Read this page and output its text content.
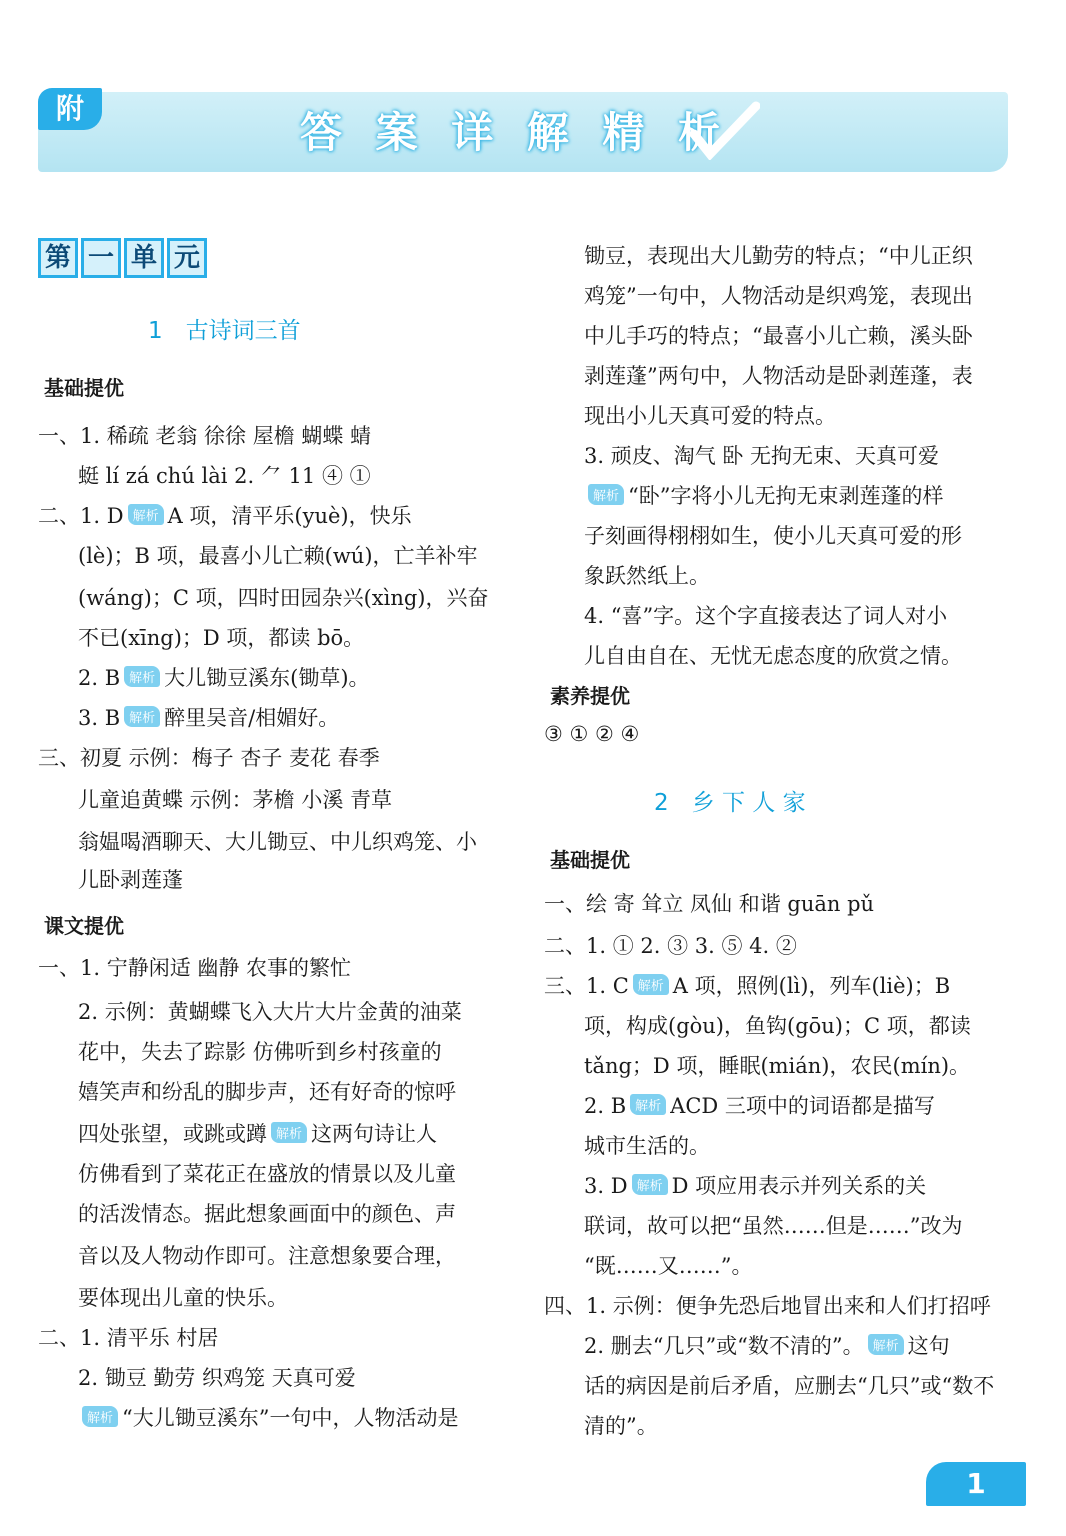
附	答 案 详 解 精 析
第 一 单 元
1　古诗词三首
基础提优
一、1. 稀疏 老翁 徐徐 屋檐 蝴蝶 蜻
蜓 lí zá chú lài 2. ⺈ 11 ④ ①
二、1. D 解析 A 项，清平乐(yuè)，快乐
(lè)；B 项，最喜小儿亡赖(wú)，亡羊补牢
(wáng)；C 项，四时田园杂兴(xìng)，兴奋
不已(xīng)；D 项，都读 bō。
2. B 解析 大儿锄豆溪东(锄草)。
3. B 解析 醉里吴音/相媚好。
三、初夏 示例：梅子 杏子 麦花 春季
儿童追黄蝶 示例：茅檐 小溪 青草
翁媪喝酒聊天、大儿锄豆、中儿织鸡笼、小
儿卧剥莲蓬
课文提优
一、1. 宁静闲适 幽静 农事的繁忙
2. 示例：黄蝴蝶飞入大片大片金黄的油菜
花中，失去了踪影 仿佛听到乡村孩童的
嬉笑声和纷乱的脚步声，还有好奇的惊呼
四处张望，或跳或蹲 解析 这两句诗让人
仿佛看到了菜花正在盛放的情景以及儿童
的活泼情态。据此想象画面中的颜色、声
音以及人物动作即可。注意想象要合理，
要体现出儿童的快乐。
二、1. 清平乐 村居
2. 锄豆 勤劳 织鸡笼 天真可爱
解析 “大儿锄豆溪东”一句中，人物活动是
锄豆，表现出大儿勤劳的特点；“中儿正织
鸡笼”一句中，人物活动是织鸡笼，表现出
中儿手巧的特点；“最喜小儿亡赖，溪头卧
剥莲蓬”两句中，人物活动是卧剥莲蓬，表
现出小儿天真可爱的特点。
3. 顽皮、淘气 卧 无拘无束、天真可爱
解析 “卧”字将小儿无拘无束剥莲蓬的样
子刻画得栩栩如生，使小儿天真可爱的形
象跃然纸上。
4. “喜”字。这个字直接表达了词人对小
儿自由自在、无忧无虑态度的欣赏之情。
素养提优
③ ① ② ④
2　乡 下 人 家
基础提优
一、绘 寄 耸立 凤仙 和谐 guān pǔ
二、1. ① 2. ③ 3. ⑤ 4. ②
三、1. C 解析 A 项，照例(lì)，列车(liè)；B
项，构成(gòu)，鱼钩(gōu)；C 项，都读
tǎng；D 项，睡眠(mián)，农民(mín)。
2. B 解析 ACD 三项中的词语都是描写
城市生活的。
3. D 解析 D 项应用表示并列关系的关
联词，故可以把“虽然……但是……”改为
“既……又……”。
四、1. 示例：便争先恐后地冒出来和人们打招呼
2. 删去“几只”或“数不清的”。 解析 这句
话的病因是前后矛盾，应删去“几只”或“数不
清的”。
1
